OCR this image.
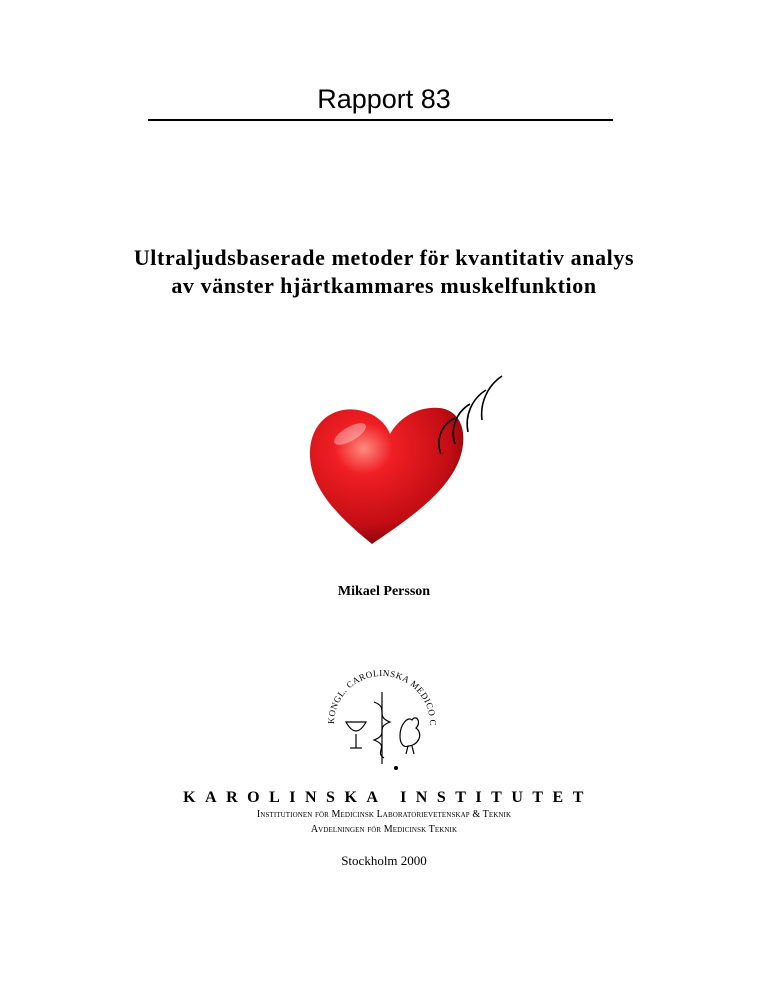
Rapport 83
Ultraljudsbaserade metoder för kvantitativ analys
av vänster hjärtkammares muskelfunktion
Mikael Persson
KONGL. CAROLINSKA MEDICO C
KAROLINSKA INSTITUTET
Institutionen för Medicinsk Laboratorievetenskap & Teknik
Avdelningen för Medicinsk Teknik
Stockholm 2000
